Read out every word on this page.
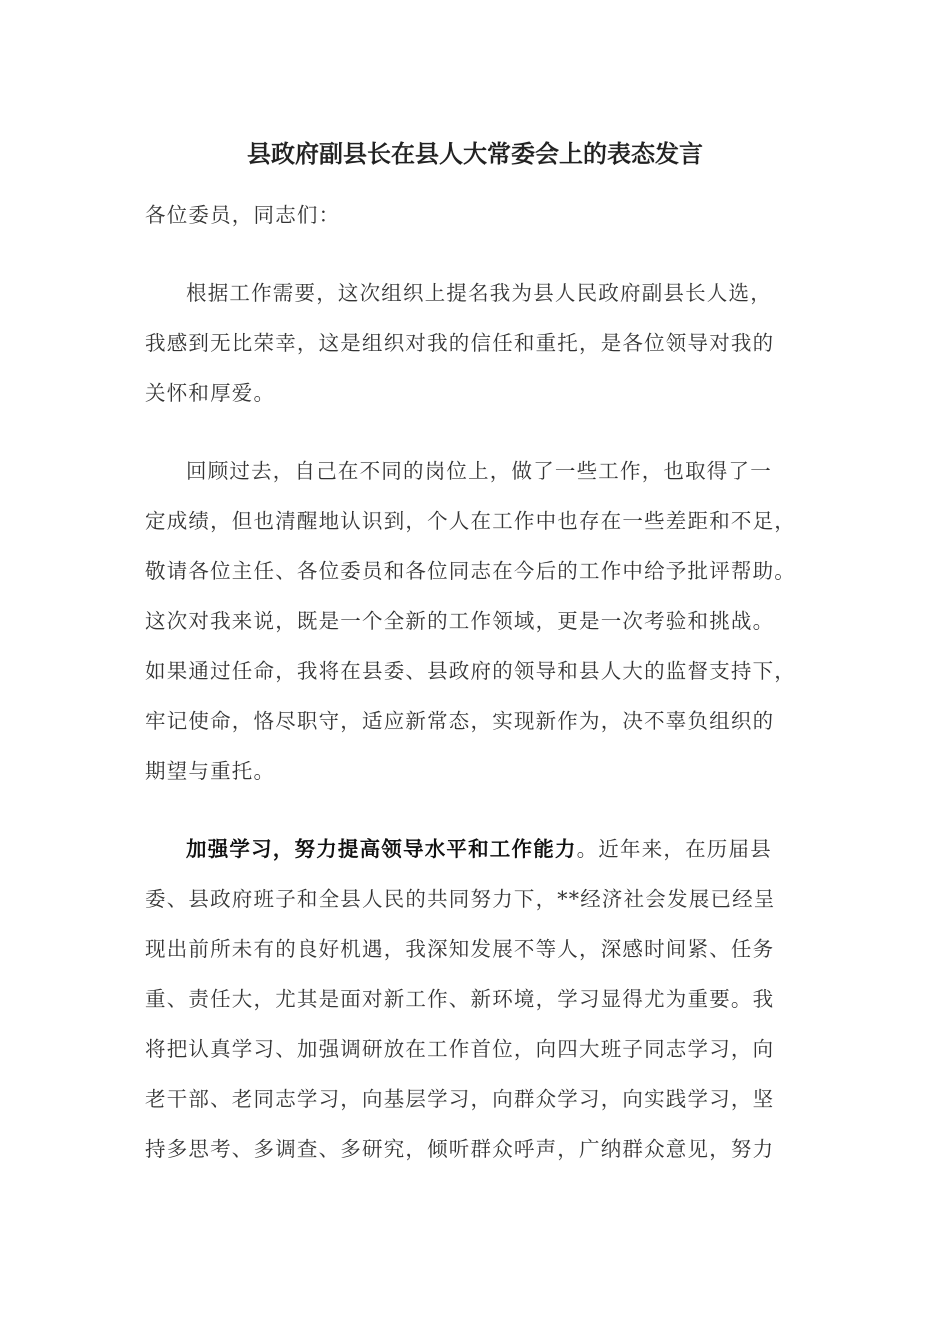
县政府副县长在县人大常委会上的表态发言
各位委员，同志们：
根据工作需要，这次组织上提名我为县人民政府副县长人选，
我感到无比荣幸，这是组织对我的信任和重托，是各位领导对我的
关怀和厚爱。
回顾过去，自己在不同的岗位上，做了一些工作，也取得了一
定成绩，但也清醒地认识到，个人在工作中也存在一些差距和不足，
敬请各位主任、各位委员和各位同志在今后的工作中给予批评帮助。
这次对我来说，既是一个全新的工作领域，更是一次考验和挑战。
如果通过任命，我将在县委、县政府的领导和县人大的监督支持下，
牢记使命，恪尽职守，适应新常态，实现新作为，决不辜负组织的
期望与重托。
加强学习，努力提高领导水平和工作能力。近年来，在历届县
委、县政府班子和全县人民的共同努力下，**经济社会发展已经呈
现出前所未有的良好机遇，我深知发展不等人，深感时间紧、任务
重、责任大，尤其是面对新工作、新环境，学习显得尤为重要。我
将把认真学习、加强调研放在工作首位，向四大班子同志学习，向
老干部、老同志学习，向基层学习，向群众学习，向实践学习，坚
持多思考、多调查、多研究，倾听群众呼声，广纳群众意见，努力
